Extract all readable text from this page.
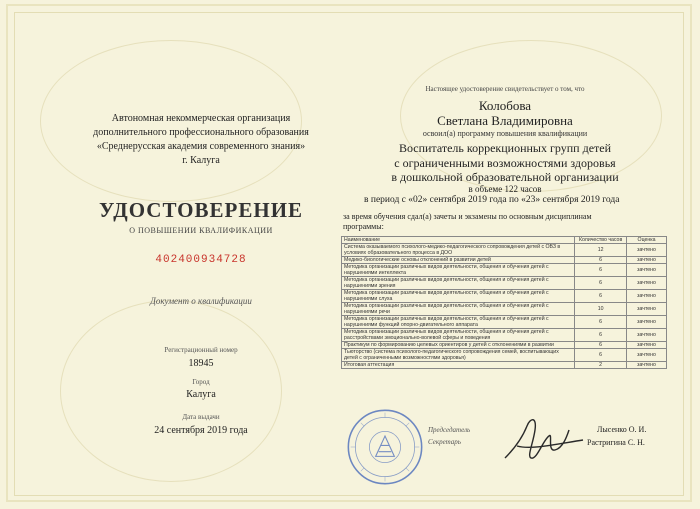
Автономная некоммерческая организация
дополнительного профессионального образования
«Среднерусская академия современного знания»
г. Калуга
УДОСТОВЕРЕНИЕ
О ПОВЫШЕНИИ КВАЛИФИКАЦИИ
402400934728
Документ о квалификации
Регистрационный номер
18945
Город
Калуга
Дата выдачи
24 сентября 2019 года
Настоящее удостоверение свидетельствует о том, что
Колобова
Светлана Владимировна
освоил(а) программу повышения квалификации
Воспитатель коррекционных групп детей
с ограниченными возможностями здоровья
в дошкольной образовательной организации
в объеме 122 часов
в период с «02» сентября 2019 года по «23» сентября 2019 года
за время обучения сдал(а) зачеты и экзамены по основным дисциплинам
программы:
Наименование	Количество часов	Оценка
Система оказываемого психолого-медико-педагогического сопровождения детей с ОВЗ в условиях образовательного процесса в ДОО	12	зачтено
Медико-биологические основы отклонений в развитии детей	6	зачтено
Методика организации различных видов деятельности, общения и обучения детей с нарушениями интеллекта	6	зачтено
Методика организации различных видов деятельности, общения и обучения детей с нарушениями зрения	6	зачтено
Методика организации различных видов деятельности, общения и обучения детей с нарушениями слуха	6	зачтено
Методика организации различных видов деятельности, общения и обучения детей с нарушениями речи	10	зачтено
Методика организации различных видов деятельности, общения и обучения детей с нарушениями функций опорно-двигательного аппарата	6	зачтено
Методика организации различных видов деятельности, общения и обучения детей с расстройствами эмоционально-волевой сферы и поведения	6	зачтено
Практикум по формированию целевых ориентиров у детей с отклонениями в развитии	6	зачтено
Тьюторство (система психолого-педагогического сопровождения семей, воспитывающих детей с ограниченными возможностями здоровья)	6	зачтено
Итоговая аттестация	2	зачтено
Председатель
Секретарь
Лысенко О. И.
Растригина С. Н.
